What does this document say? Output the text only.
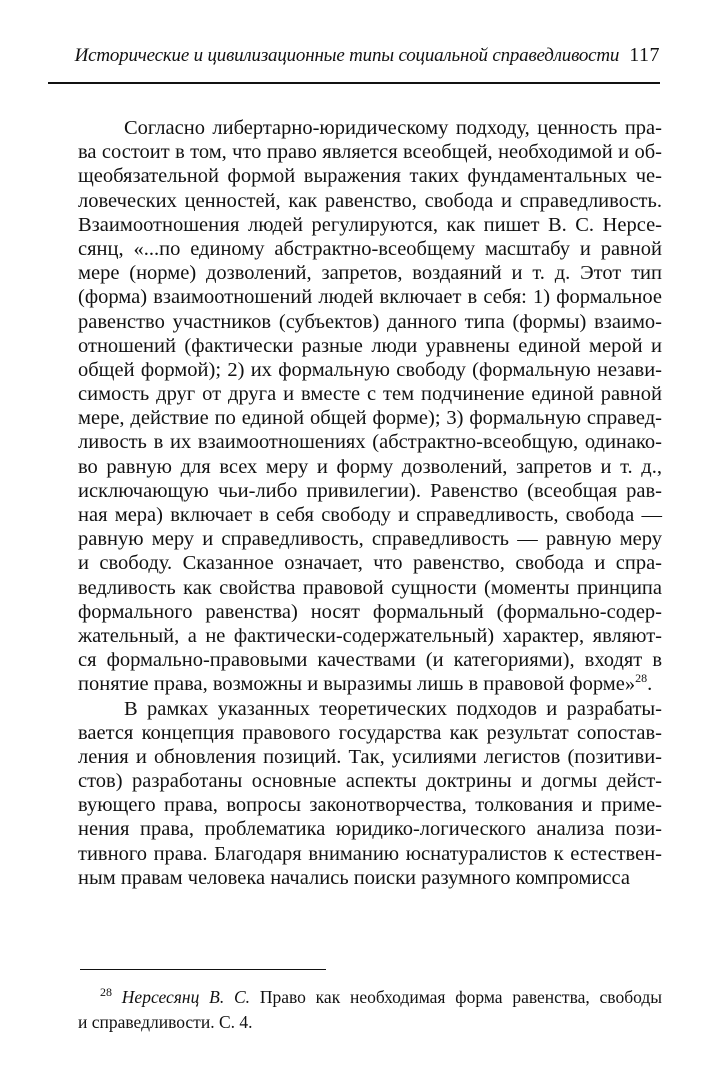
Исторические и цивилизационные типы социальной справедливости 117
Согласно либертарно-юридическому подходу, ценность пра-
ва состоит в том, что право является всеобщей, необходимой и об-
щеобязательной формой выражения таких фундаментальных че-
ловеческих ценностей, как равенство, свобода и справедливость.
Взаимоотношения людей регулируются, как пишет В. С. Нерсе-
сянц, «...по единому абстрактно-всеобщему масштабу и равной
мере (норме) дозволений, запретов, воздаяний и т. д. Этот тип
(форма) взаимоотношений людей включает в себя: 1) формальное
равенство участников (субъектов) данного типа (формы) взаимо-
отношений (фактически разные люди уравнены единой мерой и
общей формой); 2) их формальную свободу (формальную незави-
симость друг от друга и вместе с тем подчинение единой равной
мере, действие по единой общей форме); 3) формальную справед-
ливость в их взаимоотношениях (абстрактно-всеобщую, одинако-
во равную для всех меру и форму дозволений, запретов и т. д.,
исключающую чьи-либо привилегии). Равенство (всеобщая рав-
ная мера) включает в себя свободу и справедливость, свобода —
равную меру и справедливость, справедливость — равную меру
и свободу. Сказанное означает, что равенство, свобода и спра-
ведливость как свойства правовой сущности (моменты принципа
формального равенства) носят формальный (формально-содер-
жательный, а не фактически-содержательный) характер, являют-
ся формально-правовыми качествами (и категориями), входят в
понятие права, возможны и выразимы лишь в правовой форме»$^{28}$.
В рамках указанных теоретических подходов и разрабаты-
вается концепция правового государства как результат сопостав-
ления и обновления позиций. Так, усилиями легистов (позитиви-
стов) разработаны основные аспекты доктрины и догмы дейст-
вующего права, вопросы законотворчества, толкования и приме-
нения права, проблематика юридико-логического анализа пози-
тивного права. Благодаря вниманию юснатуралистов к естествен-
ным правам человека начались поиски разумного компромисса
$^{28}$ Нерсесянц В. С. Право как необходимая форма равенства, свободы
и справедливости. С. 4.
